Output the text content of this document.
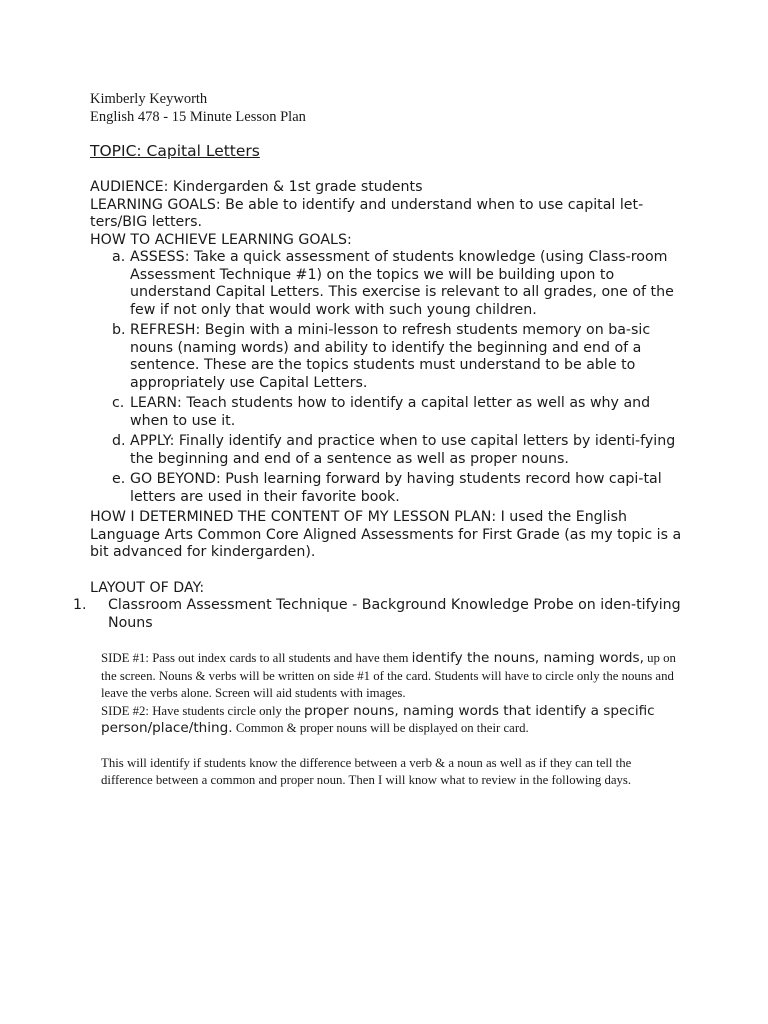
Kimberly Keyworth
English 478 - 15 Minute Lesson Plan
TOPIC: Capital Letters

AUDIENCE: Kindergarden & 1st grade students

LEARNING GOALS: Be able to identify and understand when to use capital let-ters/BIG letters.

HOW TO ACHIEVE LEARNING GOALS:

a. ASSESS: Take a quick assessment of students knowledge (using Class-room Assessment Technique #1) on the topics we will be building upon to understand Capital Letters. This exercise is relevant to all grades, one of the few if not only that would work with such young children.
b. REFRESH: Begin with a mini-lesson to refresh students memory on ba-sic nouns (naming words) and ability to identify the beginning and end of a sentence. These are the topics students must understand to be able to appropriately use Capital Letters.
c. LEARN: Teach students how to identify a capital letter as well as why and when to use it.
d. APPLY: Finally identify and practice when to use capital letters by identi-fying the beginning and end of a sentence as well as proper nouns.
e. GO BEYOND: Push learning forward by having students record how capi-tal letters are used in their favorite book.

HOW I DETERMINED THE CONTENT OF MY LESSON PLAN: I used the English Language Arts Common Core Aligned Assessments for First Grade (as my topic is a bit advanced for kindergarden).

LAYOUT OF DAY:

1.	Classroom Assessment Technique - Background Knowledge Probe on iden-tifying Nouns

SIDE #1: Pass out index cards to all students and have them identify the nouns, naming words, up on the screen. Nouns & verbs will be written on side #1 of the card. Students will have to circle only the nouns and leave the verbs alone. Screen will aid students with images.

SIDE #2: Have students circle only the proper nouns, naming words that identify a specific person/place/thing. Common & proper nouns will be displayed on their card.

This will identify if students know the difference between a verb & a noun as well as if they can tell the difference between a common and proper noun. Then I will know what to review in the following days.
